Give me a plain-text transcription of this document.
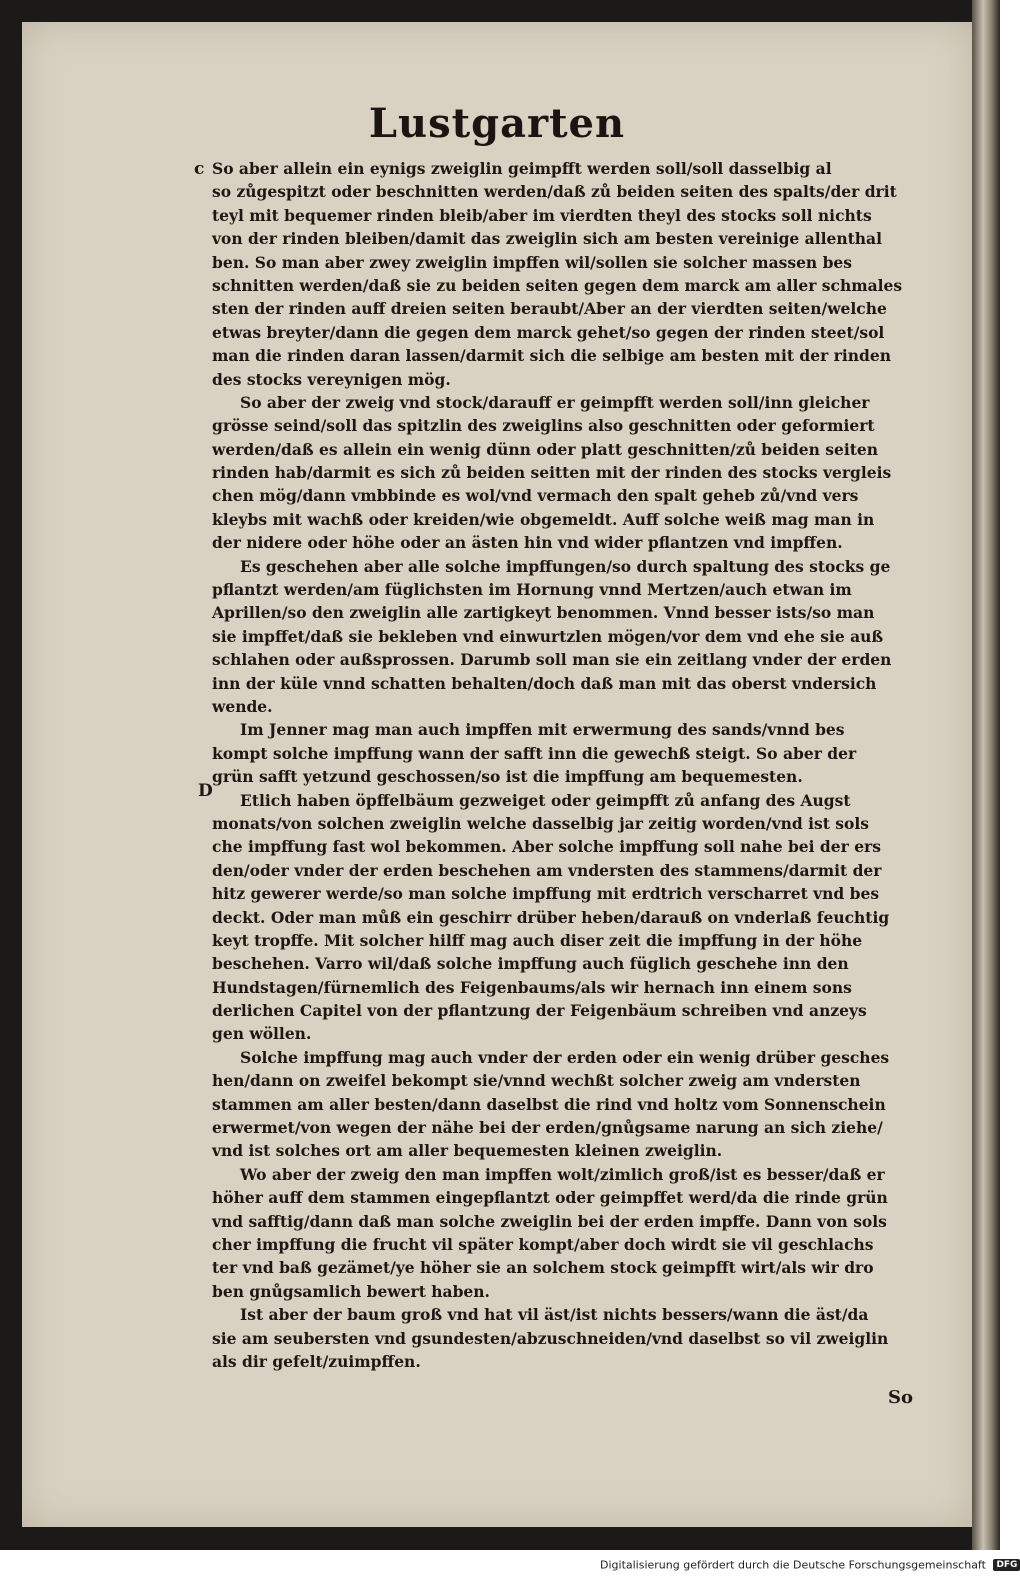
Lustgarten
c
D
So aber allein ein eynigs zweiglin geimpfft werden soll/soll dasselbig al
so zůgespitzt oder beschnitten werden/daß zů beiden seiten des spalts/der drit
teyl mit bequemer rinden bleib/aber im vierdten theyl des stocks soll nichts
von der rinden bleiben/damit das zweiglin sich am besten vereinige allenthal
ben. So man aber zwey zweiglin impffen wil/sollen sie solcher massen bes
schnitten werden/daß sie zu beiden seiten gegen dem marck am aller schmales
sten der rinden auff dreien seiten beraubt/Aber an der vierdten seiten/welche
etwas breyter/dann die gegen dem marck gehet/so gegen der rinden steet/sol
man die rinden daran lassen/darmit sich die selbige am besten mit der rinden
des stocks vereynigen mög.
So aber der zweig vnd stock/darauff er geimpfft werden soll/inn gleicher
grösse seind/soll das spitzlin des zweiglins also geschnitten oder geformiert
werden/daß es allein ein wenig dünn oder platt geschnitten/zů beiden seiten
rinden hab/darmit es sich zů beiden seitten mit der rinden des stocks vergleis
chen mög/dann vmbbinde es wol/vnd vermach den spalt geheb zů/vnd vers
kleybs mit wachß oder kreiden/wie obgemeldt. Auff solche weiß mag man in
der nidere oder höhe oder an ästen hin vnd wider pflantzen vnd impffen.
Es geschehen aber alle solche impffungen/so durch spaltung des stocks ge
pflantzt werden/am füglichsten im Hornung vnnd Mertzen/auch etwan im
Aprillen/so den zweiglin alle zartigkeyt benommen. Vnnd besser ists/so man
sie impffet/daß sie bekleben vnd einwurtzlen mögen/vor dem vnd ehe sie auß
schlahen oder außsprossen. Darumb soll man sie ein zeitlang vnder der erden
inn der küle vnnd schatten behalten/doch daß man mit das oberst vndersich
wende.
Im Jenner mag man auch impffen mit erwermung des sands/vnnd bes
kompt solche impffung wann der safft inn die gewechß steigt. So aber der
grün safft yetzund geschossen/so ist die impffung am bequemesten.
Etlich haben öpffelbäum gezweiget oder geimpfft zů anfang des Augst
monats/von solchen zweiglin welche dasselbig jar zeitig worden/vnd ist sols
che impffung fast wol bekommen. Aber solche impffung soll nahe bei der ers
den/oder vnder der erden beschehen am vndersten des stammens/darmit der
hitz gewerer werde/so man solche impffung mit erdtrich verscharret vnd bes
deckt. Oder man můß ein geschirr drüber heben/darauß on vnderlaß feuchtig
keyt tropffe. Mit solcher hilff mag auch diser zeit die impffung in der höhe
beschehen. Varro wil/daß solche impffung auch füglich geschehe inn den
Hundstagen/fürnemlich des Feigenbaums/als wir hernach inn einem sons
derlichen Capitel von der pflantzung der Feigenbäum schreiben vnd anzeys
gen wöllen.
Solche impffung mag auch vnder der erden oder ein wenig drüber gesches
hen/dann on zweifel bekompt sie/vnnd wechßt solcher zweig am vndersten
stammen am aller besten/dann daselbst die rind vnd holtz vom Sonnenschein
erwermet/von wegen der nähe bei der erden/gnůgsame narung an sich ziehe/
vnd ist solches ort am aller bequemesten kleinen zweiglin.
Wo aber der zweig den man impffen wolt/zimlich groß/ist es besser/daß er
höher auff dem stammen eingepflantzt oder geimpffet werd/da die rinde grün
vnd safftig/dann daß man solche zweiglin bei der erden impffe. Dann von sols
cher impffung die frucht vil später kompt/aber doch wirdt sie vil geschlachs
ter vnd baß gezämet/ye höher sie an solchem stock geimpfft wirt/als wir dro
ben gnůgsamlich bewert haben.
Ist aber der baum groß vnd hat vil äst/ist nichts bessers/wann die äst/da
sie am seubersten vnd gsundesten/abzuschneiden/vnd daselbst so vil zweiglin
als dir gefelt/zuimpffen.
So
Digitalisierung gefördert durch die Deutsche Forschungsgemeinschaft DFG
